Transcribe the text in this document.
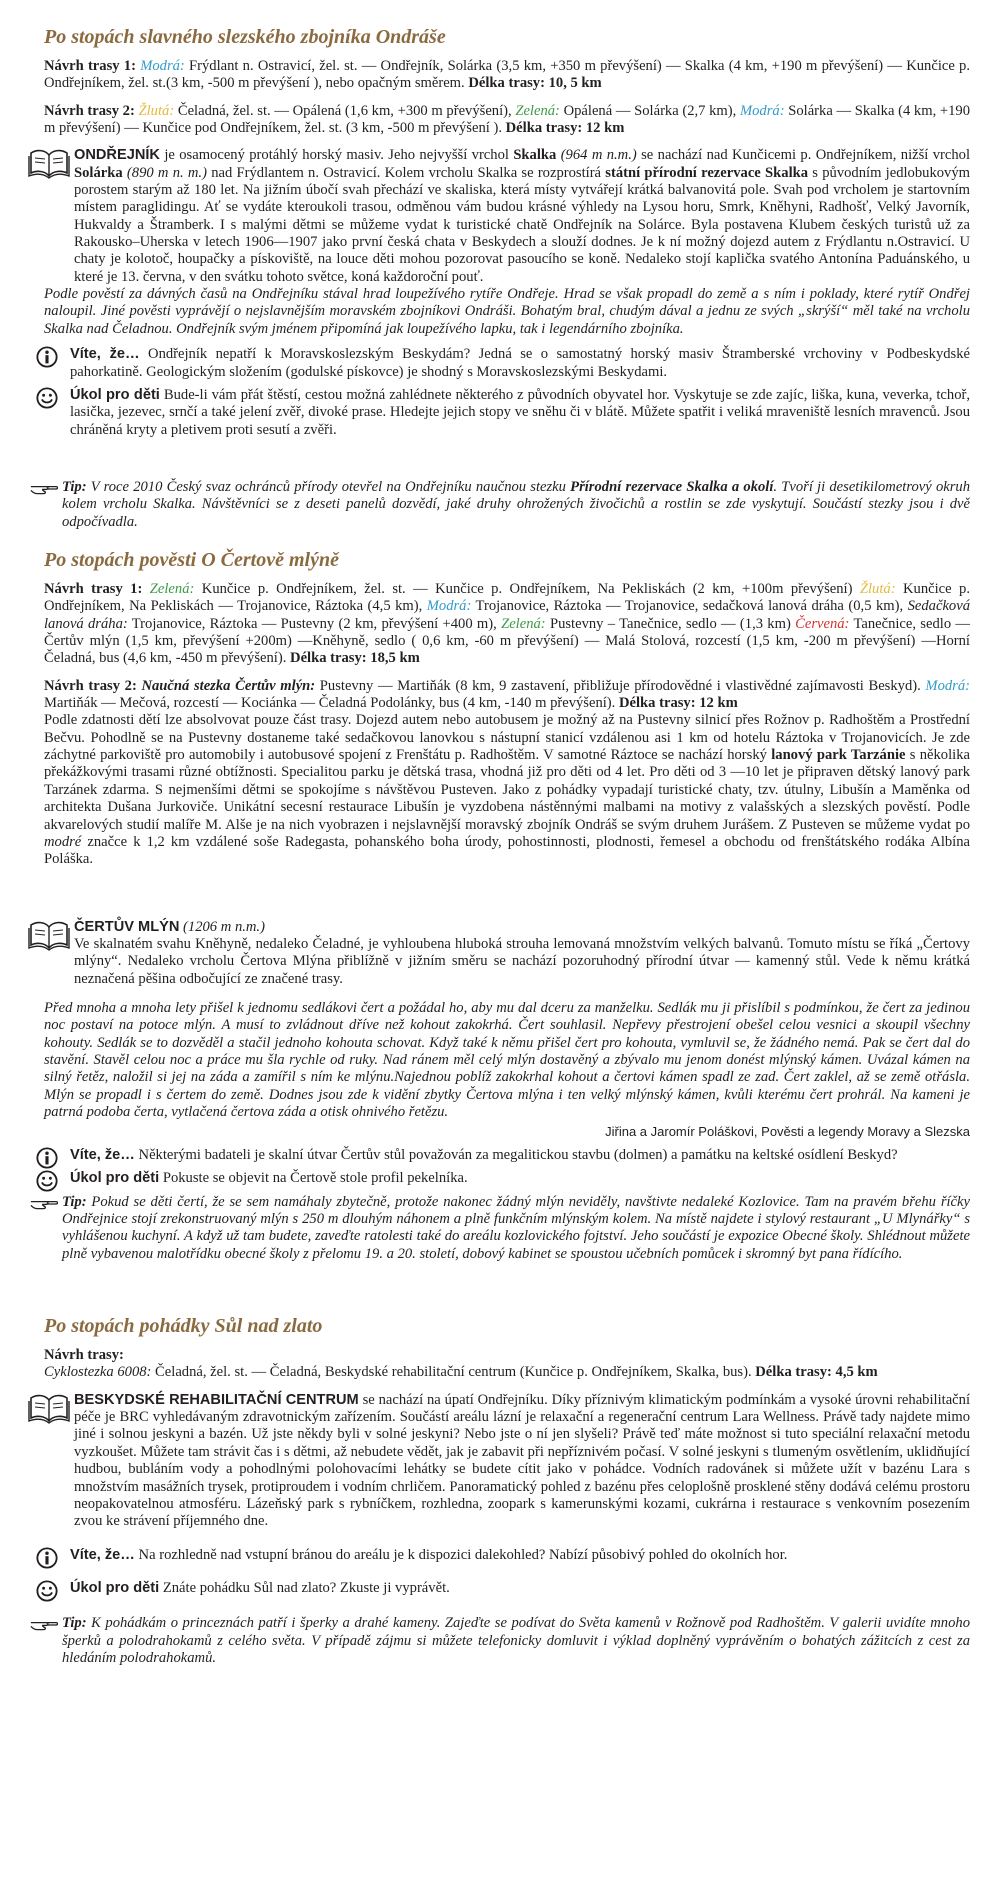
Po stopách slavného slezského zbojníka Ondráše

Návrh trasy 1: Modrá: Frýdlant n. Ostravicí, žel. st. — Ondřejník, Solárka (3,5 km, +350 m převýšení) — Skalka (4 km, +190 m převýšení) — Kunčice p. Ondřejníkem, žel. st.(3 km, -500 m převýšení ), nebo opačným směrem. Délka trasy: 10, 5 km

Návrh trasy 2: Žlutá: Čeladná, žel. st. — Opálená (1,6 km, +300 m převýšení), Zelená: Opálená — Solárka (2,7 km), Modrá: Solárka — Skalka (4 km, +190 m převýšení) — Kunčice pod Ondřejníkem, žel. st. (3 km, -500 m převýšení ). Délka trasy: 12 km

ONDŘEJNÍK je osamocený protáhlý horský masiv. Jeho nejvyšší vrchol Skalka (964 m n.m.) se nachází nad Kunčicemi p. Ondřejníkem, nižší vrchol Solárka (890 m n. m.) nad Frýdlantem n. Ostravicí. Kolem vrcholu Skalka se rozprostírá státní přírodní rezervace Skalka s původním jedlobukovým porostem starým až 180 let. Na jižním úbočí svah přechází ve skaliska, která místy vytvářejí krátká balvanovitá pole. Svah pod vrcholem je startovním místem paraglidingu. Ať se vydáte kteroukoli trasou, odměnou vám budou krásné výhledy na Lysou horu, Smrk, Kněhyni, Radhošť, Velký Javorník, Hukvaldy a Štramberk. I s malými dětmi se můžeme vydat k turistické chatě Ondřejník na Solárce. Byla postavena Klubem českých turistů už za Rakousko–Uherska v letech 1906—1907 jako první česká chata v Beskydech a slouží dodnes. Je k ní možný dojezd autem z Frýdlantu n.Ostravicí. U chaty je kolotoč, houpačky a pískoviště, na louce děti mohou pozorovat pasoucího se koně. Nedaleko stojí kaplička svatého Antonína Paduánského, u které je 13. června, v den svátku tohoto světce, koná každoroční pouť.

Podle pověstí za dávných časů na Ondřejníku stával hrad loupežívého rytíře Ondřeje. Hrad se však propadl do země a s ním i poklady, které rytíř Ondřej naloupil. Jiné pověsti vyprávějí o nejslavnějším moravském zbojníkovi Ondráši. Bohatým bral, chudým dával a jednu ze svých „skrýší“ měl také na vrcholu Skalka nad Čeladnou. Ondřejník svým jménem připomíná jak loupežívého lapku, tak i legendárního zbojníka.

Víte, že… Ondřejník nepatří k Moravskoslezským Beskydám? Jedná se o samostatný horský masiv Štramberské vrchoviny v Podbeskydské pahorkatině. Geologickým složením (godulské pískovce) je shodný s Moravskoslezskými Beskydami.

Úkol pro děti Bude-li vám přát štěstí, cestou možná zahlédnete některého z původních obyvatel hor. Vyskytuje se zde zajíc, liška, kuna, veverka, tchoř, lasička, jezevec, srnčí a také jelení zvěř, divoké prase. Hledejte jejich stopy ve sněhu či v blátě. Můžete spatřit i veliká mraveniště lesních mravenců. Jsou chráněná kryty a pletivem proti sesutí a zvěři.

Tip: V roce 2010 Český svaz ochránců přírody otevřel na Ondřejníku naučnou stezku Přírodní rezervace Skalka a okolí. Tvoří ji desetikilometrový okruh kolem vrcholu Skalka. Návštěvníci se z deseti panelů dozvědí, jaké druhy ohrožených živočichů a rostlin se zde vyskytují. Součástí stezky jsou i dvě odpočívadla.

Po stopách pověsti O Čertově mlýně

Návrh trasy 1: Zelená: Kunčice p. Ondřejníkem, žel. st. — Kunčice p. Ondřejníkem, Na Pekliskách (2 km, +100m převýšení) Žlutá: Kunčice p. Ondřejníkem, Na Pekliskách — Trojanovice, Ráztoka (4,5 km), Modrá: Trojanovice, Ráztoka — Trojanovice, sedačková lanová dráha (0,5 km), Sedačková lanová dráha: Trojanovice, Ráztoka — Pustevny (2 km, převýšení +400 m), Zelená: Pustevny – Tanečnice, sedlo — (1,3 km) Červená: Tanečnice, sedlo — Čertův mlýn (1,5 km, převýšení +200m) —Kněhyně, sedlo ( 0,6 km, -60 m převýšení) — Malá Stolová, rozcestí (1,5 km, -200 m převýšení) —Horní Čeladná, bus (4,6 km, -450 m převýšení). Délka trasy: 18,5 km

Návrh trasy 2: Naučná stezka Čertův mlýn: Pustevny — Martiňák (8 km, 9 zastavení, přibližuje přírodovědné i vlastivědné zajímavosti Beskyd). Modrá: Martiňák — Mečová, rozcestí — Kociánka — Čeladná Podolánky, bus (4 km, -140 m převýšení). Délka trasy: 12 km

Podle zdatnosti dětí lze absolvovat pouze část trasy. Dojezd autem nebo autobusem je možný až na Pustevny silnicí přes Rožnov p. Radhoštěm a Prostřední Bečvu. Pohodlně se na Pustevny dostaneme také sedačkovou lanovkou s nástupní stanicí vzdálenou asi 1 km od hotelu Ráztoka v Trojanovicích. Je zde záchytné parkoviště pro automobily i autobusové spojení z Frenštátu p. Radhoštěm. V samotné Ráztoce se nachází horský lanový park Tarzánie s několika překážkovými trasami různé obtížnosti. Specialitou parku je dětská trasa, vhodná již pro děti od 4 let. Pro děti od 3 —10 let je připraven dětský lanový park Tarzánek zdarma. S nejmenšími dětmi se spokojíme s návštěvou Pusteven. Jako z pohádky vypadají turistické chaty, tzv. útulny, Libušín a Maměnka od architekta Dušana Jurkoviče. Unikátní secesní restaurace Libušín je vyzdobena nástěnnými malbami na motivy z valašských a slezských pověstí. Podle akvarelových studií malíře M. Alše je na nich vyobrazen i nejslavnější moravský zbojník Ondráš se svým druhem Jurášem. Z Pusteven se můžeme vydat po modré značce k 1,2 km vzdálené soše Radegasta, pohanského boha úrody, pohostinnosti, plodnosti, řemesel a obchodu od frenštátského rodáka Albína Poláška.

ČERTŮV MLÝN (1206 m n.m.)

Ve skalnatém svahu Kněhyně, nedaleko Čeladné, je vyhloubena hluboká strouha lemovaná množstvím velkých balvanů. Tomuto místu se říká „Čertovy mlýny“. Nedaleko vrcholu Čertova Mlýna přiblížně v jižním směru se nachází pozoruhodný přírodní útvar — kamenný stůl. Vede k němu krátká neznačená pěšina odbočující ze značené trasy.

Před mnoha a mnoha lety přišel k jednomu sedlákovi čert a požádal ho, aby mu dal dceru za manželku. Sedlák mu ji přislíbil s podmínkou, že čert za jedinou noc postaví na potoce mlýn. A musí to zvládnout dříve než kohout zakokrhá. Čert souhlasil. Nepřevy přestrojení obešel celou vesnici a skoupil všechny kohouty. Sedlák se to dozvěděl a stačil jednoho kohouta schovat. Když také k němu přišel čert pro kohouta, vymluvil se, že žádného nemá. Pak se čert dal do stavění. Stavěl celou noc a práce mu šla rychle od ruky. Nad ránem měl celý mlýn dostavěný a zbývalo mu jenom donést mlýnský kámen. Uvázal kámen na silný řetěz, naložil si jej na záda a zamířil s ním ke mlýnu.Najednou poblíž zakokrhal kohout a čertovi kámen spadl ze zad. Čert zaklel, až se země otřásla. Mlýn se propadl i s čertem do země. Dodnes jsou zde k vidění zbytky Čertova mlýna i ten velký mlýnský kámen, kvůli kterému čert prohrál. Na kameni je patrná podoba čerta, vytlačená čertova záda a otisk ohnivého řetězu.

Jiřina a Jaromír Poláškovi, Pověsti a legendy Moravy a Slezska

Víte, že… Některými badateli je skalní útvar Čertův stůl považován za megalitickou stavbu (dolmen) a památku na keltské osídlení Beskyd?

Úkol pro děti Pokuste se objevit na Čertově stole profil pekelníka.

Tip: Pokud se děti čertí, že se sem namáhaly zbytečně, protože nakonec žádný mlýn neviděly, navštivte nedaleké Kozlovice. Tam na pravém břehu říčky Ondřejnice stojí zrekonstruovaný mlýn s 250 m dlouhým náhonem a plně funkčním mlýnským kolem. Na místě najdete i stylový restaurant „U Mlynářky“ s vyhlášenou kuchyní. A když už tam budete, zaveďte ratolesti také do areálu kozlovického fojtství. Jeho součástí je expozice Obecné školy. Shlédnout můžete plně vybavenou malotřídku obecné školy z přelomu 19. a 20. století, dobový kabinet se spoustou učebních pomůcek i skromný byt pana řídícího.

Po stopách pohádky Sůl nad zlato

Návrh trasy:
Cyklostezka 6008: Čeladná, žel. st. — Čeladná, Beskydské rehabilitační centrum (Kunčice p. Ondřejníkem, Skalka, bus). Délka trasy: 4,5 km

BESKYDSKÉ REHABILITAČNÍ CENTRUM se nachází na úpatí Ondřejníku. Díky příznivým klimatickým podmínkám a vysoké úrovni rehabilitační péče je BRC vyhledávaným zdravotnickým zařízením. Součástí areálu lázní je relaxační a regenerační centrum Lara Wellness. Právě tady najdete mimo jiné i solnou jeskyni a bazén. Už jste někdy byli v solné jeskyni? Nebo jste o ní jen slyšeli? Právě teď máte možnost si tuto speciální relaxační metodu vyzkoušet. Můžete tam strávit čas i s dětmi, až nebudete vědět, jak je zabavit při nepříznivém počasí. V solné jeskyni s tlumeným osvětlením, uklidňující hudbou, bubláním vody a pohodlnými polohovacími lehátky se budete cítit jako v pohádce. Vodních radovánek si můžete užít v bazénu Lara s množstvím masážních trysek, protiproudem i vodním chrličem. Panoramatický pohled z bazénu přes celoplošně prosklené stěny dodává celému prostoru neopakovatelnou atmosféru. Lázeňský park s rybníčkem, rozhledna, zoopark s kamerunskými kozami, cukrárna i restaurace s venkovním posezením zvou ke strávení příjemného dne.

Víte, že… Na rozhledně nad vstupní bránou do areálu je k dispozici dalekohled? Nabízí působivý pohled do okolních hor.

Úkol pro děti Znáte pohádku Sůl nad zlato? Zkuste ji vyprávět.

Tip: K pohádkám o princeznách patří i šperky a drahé kameny. Zajeďte se podívat do Světa kamenů v Rožnově pod Radhoštěm. V galerii uvidíte mnoho šperků a polodrahokamů z celého světa. V případě zájmu si můžete telefonicky domluvit i výklad doplněný vyprávěním o bohatých zážitcích z cest za hledáním polodrahokamů.
